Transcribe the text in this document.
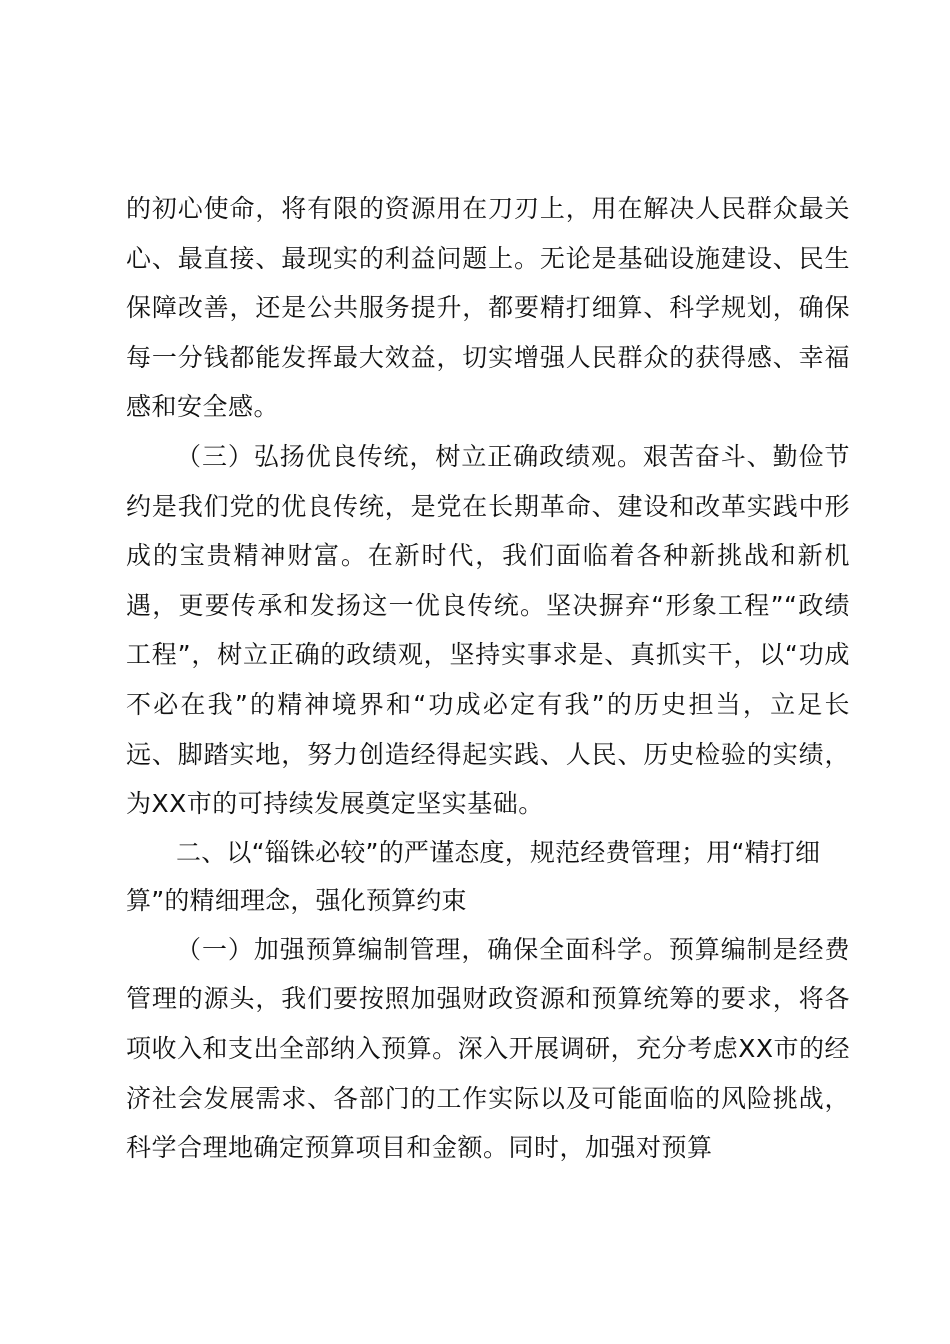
的初心使命，将有限的资源用在刀刃上，用在解决人民群众最关心、最直接、最现实的利益问题上。无论是基础设施建设、民生保障改善，还是公共服务提升，都要精打细算、科学规划，确保每一分钱都能发挥最大效益，切实增强人民群众的获得感、幸福感和安全感。

（三）弘扬优良传统，树立正确政绩观。艰苦奋斗、勤俭节约是我们党的优良传统，是党在长期革命、建设和改革实践中形成的宝贵精神财富。在新时代，我们面临着各种新挑战和新机遇，更要传承和发扬这一优良传统。坚决摒弃“形象工程”“政绩工程”，树立正确的政绩观，坚持实事求是、真抓实干，以“功成不必在我”的精神境界和“功成必定有我”的历史担当，立足长远、脚踏实地，努力创造经得起实践、人民、历史检验的实绩，为XX市的可持续发展奠定坚实基础。

二、以“锱铢必较”的严谨态度，规范经费管理；用“精打细算”的精细理念，强化预算约束

（一）加强预算编制管理，确保全面科学。预算编制是经费管理的源头，我们要按照加强财政资源和预算统筹的要求，将各项收入和支出全部纳入预算。深入开展调研，充分考虑XX市的经济社会发展需求、各部门的工作实际以及可能面临的风险挑战，科学合理地确定预算项目和金额。同时，加强对预算
